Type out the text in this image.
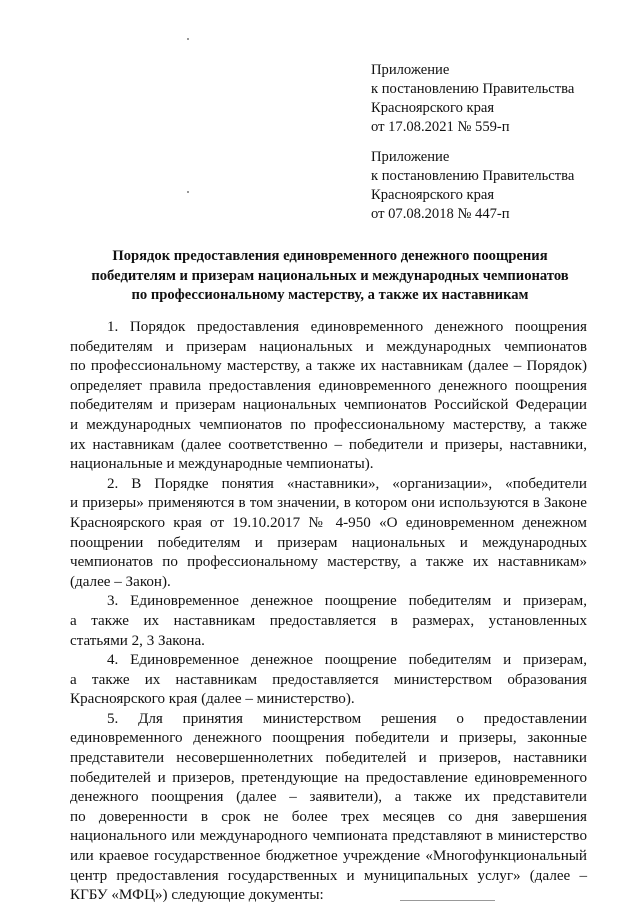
Приложение
к постановлению Правительства
Красноярского края
от 17.08.2021 № 559-п
Приложение
к постановлению Правительства
Красноярского края
от 07.08.2018 № 447-п
Порядок предоставления единовременного денежного поощрения
победителям и призерам национальных и международных чемпионатов
по профессиональному мастерству, а также их наставникам
1. Порядок предоставления единовременного денежного поощрения
победителям и призерам национальных и международных чемпионатов
по профессиональному мастерству, а также их наставникам (далее – Порядок)
определяет правила предоставления единовременного денежного поощрения
победителям и призерам национальных чемпионатов Российской Федерации
и международных чемпионатов по профессиональному мастерству, а также
их наставникам (далее соответственно – победители и призеры, наставники,
национальные и международные чемпионаты).
2. В Порядке понятия «наставники», «организации», «победители
и призеры» применяются в том значении, в котором они используются в Законе
Красноярского края от 19.10.2017 № 4-950 «О единовременном денежном
поощрении победителям и призерам национальных и международных
чемпионатов по профессиональному мастерству, а также их наставникам»
(далее – Закон).
3. Единовременное денежное поощрение победителям и призерам,
а также их наставникам предоставляется в размерах, установленных
статьями 2, 3 Закона.
4. Единовременное денежное поощрение победителям и призерам,
а также их наставникам предоставляется министерством образования
Красноярского края (далее – министерство).
5. Для принятия министерством решения о предоставлении
единовременного денежного поощрения победители и призеры, законные
представители несовершеннолетних победителей и призеров, наставники
победителей и призеров, претендующие на предоставление единовременного
денежного поощрения (далее – заявители), а также их представители
по доверенности в срок не более трех месяцев со дня завершения
национального или международного чемпионата представляют в министерство
или краевое государственное бюджетное учреждение «Многофункциональный
центр предоставления государственных и муниципальных услуг» (далее –
КГБУ «МФЦ») следующие документы:
